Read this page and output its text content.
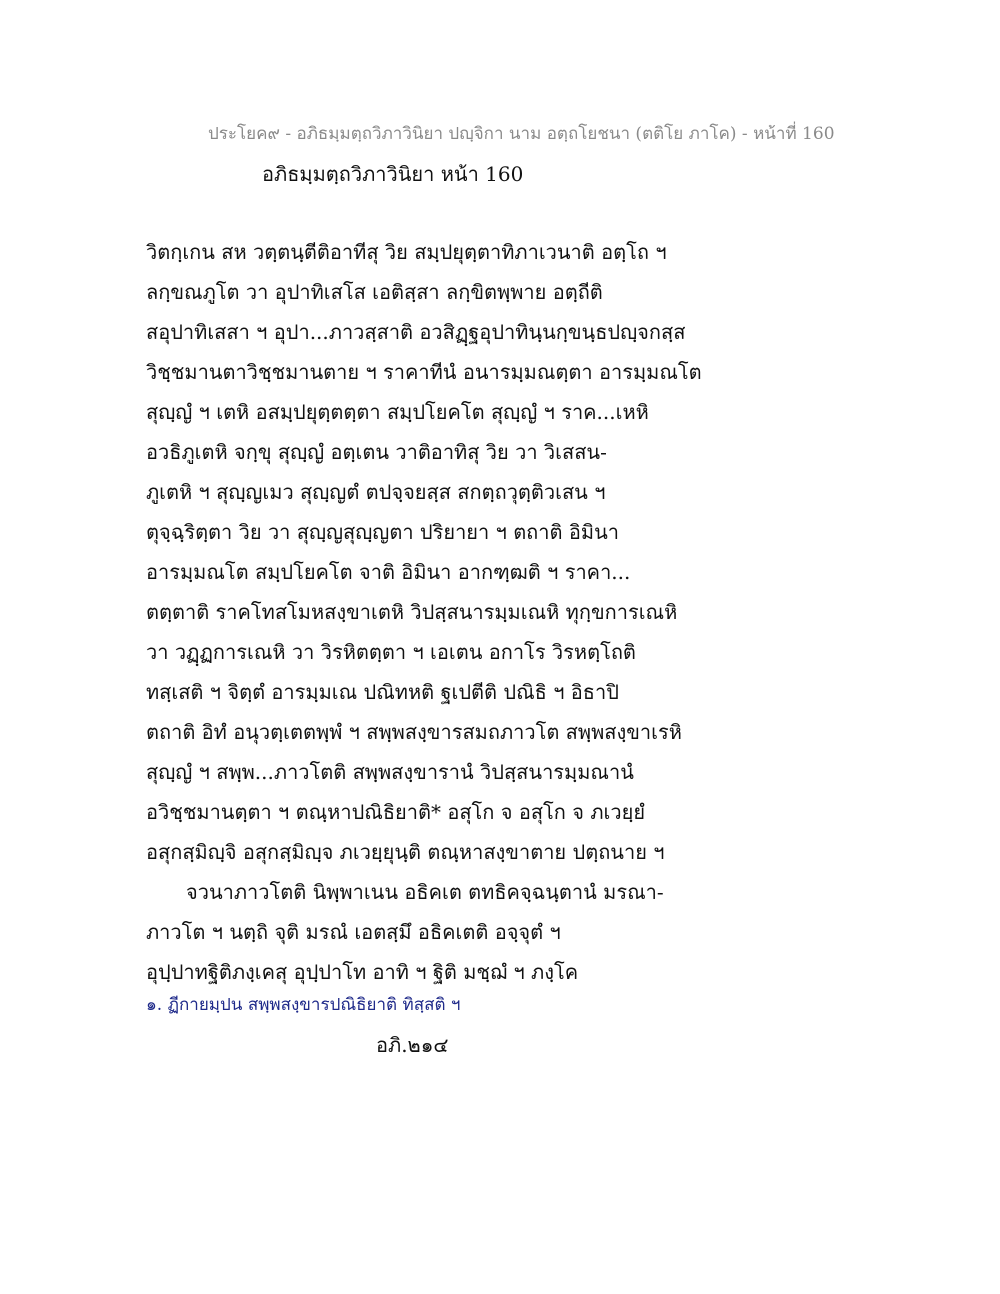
ประโยค๙ - อภิธมฺมตฺถวิภาวินิยา ปญฺจิกา นาม อตฺถโยชนา (ตติโย ภาโค) - หน้าที่ 160
อภิธมฺมตฺถวิภาวินิยา หน้า 160
วิตกฺเกน สห วตฺตนฺตีติอาทีสุ วิย สมฺปยุตฺตาทิภาเวนาติ อตฺโถ ฯ
ลกฺขณภูโต วา อุปาทิเสโส เอติสฺสา ลกฺขิตพฺพาย อตฺถีติ
สอุปาทิเสสา ฯ อุปา...ภาวสฺสาติ อวสิฏฺฐอุปาทินฺนกฺขนฺธปญฺจกสฺส
วิชฺชมานตาวิชฺชมานตาย ฯ ราคาทีนํ อนารมฺมณตฺตา อารมฺมณโต
สุญฺญํ ฯ เตหิ อสมฺปยุตฺตตฺตา สมฺปโยคโต สุญฺญํ ฯ ราค...เหหิ
อวธิภูเตหิ จกฺขุ สุญฺญํ อตฺเตน วาติอาทิสุ วิย วา วิเสสน-
ภูเตหิ ฯ สุญฺญเมว สุญฺญตํ ตปจฺจยสฺส สกตฺถวุตฺติวเสน ฯ
ตุจฺฉฺริตฺตา วิย วา สุญฺญสุญฺญตา ปริยายา ฯ ตถาติ อิมินา
อารมฺมณโต สมฺปโยคโต จาติ อิมินา อากฑฺฒติ ฯ ราคา...
ตตฺตาติ ราคโทสโมหสงฺขาเตหิ วิปสฺสนารมฺมเณหิ ทุกฺขการเณหิ
วา วฏฺฏการเณหิ วา วิรหิตตฺตา ฯ เอเตน อกาโร วิรหตฺโถติ
ทสฺเสติ ฯ จิตฺตํ อารมฺมเณ ปณิทหติ ฐเปตีติ ปณิธิ ฯ อิธาปิ
ตถาติ อิทํ อนุวตฺเตตพฺพํ ฯ สพฺพสงฺขารสมถภาวโต สพฺพสงฺขาเรหิ
สุญฺญํ ฯ สพฺพ...ภาวโตติ สพฺพสงฺขารานํ วิปสฺสนารมฺมณานํ
อวิชฺชมานตฺตา ฯ ตณฺหาปณิธิยาติ* อสุโก จ อสุโก จ ภเวยฺยํ
อสุกสฺมิญฺจิ อสุกสฺมิญฺจ ภเวยฺยุนฺติ ตณฺหาสงฺขาตาย ปตฺถนาย ฯ
จวนาภาวโตติ นิพฺพาเนน อธิคเต ตทธิคจฺฉนฺตานํ มรณา-
ภาวโต ฯ นตฺถิ จุติ มรณํ เอตสฺมึ อธิคเตติ อจฺจุตํ ฯ
อุปฺปาทฐิติภงฺเคสุ อุปฺปาโท อาทิ ฯ ฐิติ มชฺฌํ ฯ ภงฺโค
๑. ฏีกายมฺปน สพฺพสงฺขารปณิธิยาติ ทิสฺสติ ฯ
อภิ.๒๑๔
